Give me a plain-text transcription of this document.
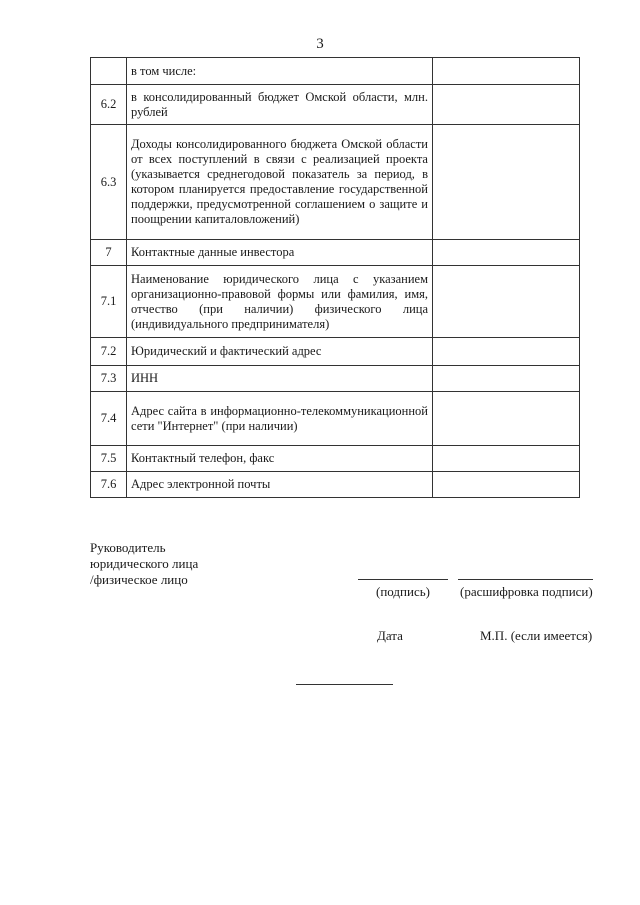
3
	в том числе:	
6.2	в консолидированный бюджет Омской области, млн. рублей	
6.3	Доходы консолидированного бюджета Омской области от всех поступлений в связи с реализацией проекта (указывается среднегодовой показатель за период, в котором планируется предоставление государственной поддержки, предусмотренной соглашением о защите и поощрении капиталовложений)	
7	Контактные данные инвестора	
7.1	Наименование юридического лица с указанием организационно-правовой формы или фамилия, имя, отчество (при наличии) физического лица (индивидуального предпринимателя)	
7.2	Юридический и фактический адрес	
7.3	ИНН	
7.4	Адрес сайта в информационно-телекоммуникационной сети "Интернет" (при наличии)	
7.5	Контактный телефон, факс	
7.6	Адрес электронной почты	
Руководитель
юридического лица
/физическое лицо
(подпись) (расшифровка подписи)
Дата	М.П. (если имеется)
